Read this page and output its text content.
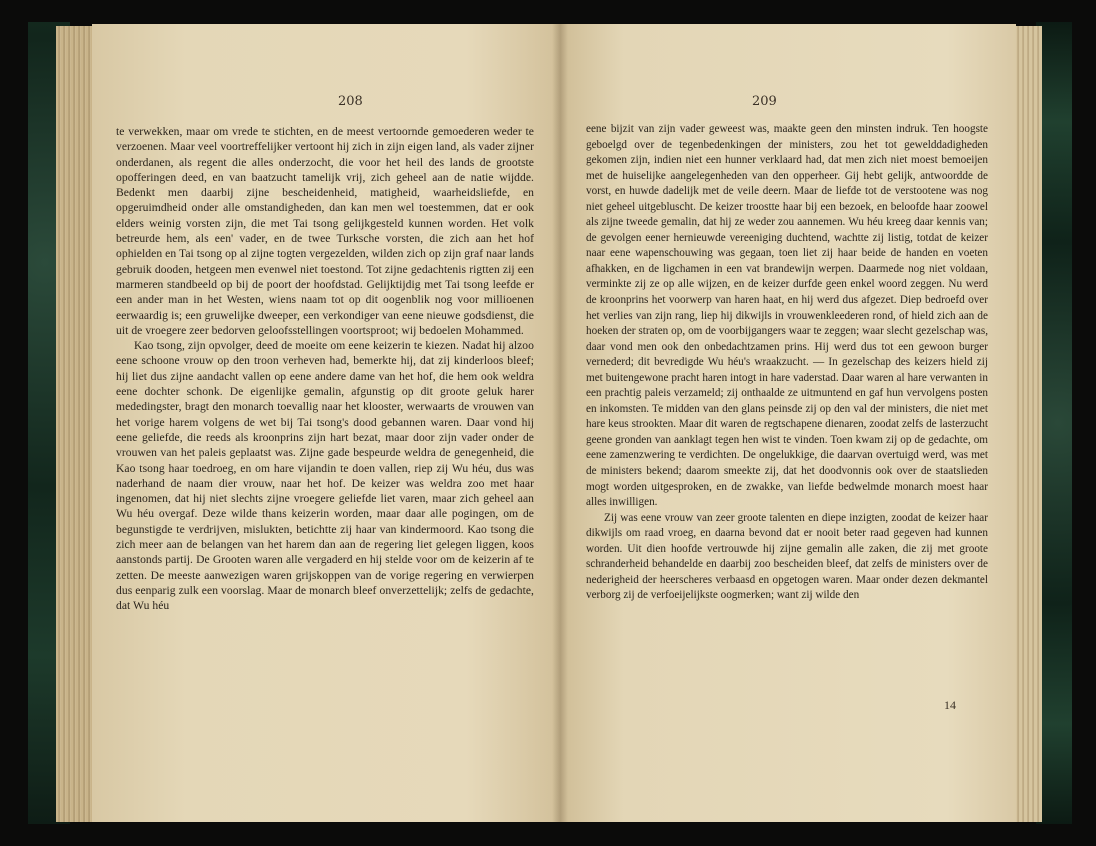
208	209

te verwekken, maar om vrede te stichten, en de meest vertoornde gemoederen weder te verzoenen. Maar veel voortreffelijker vertoont hij zich in zijn eigen land, als vader zijner onderdanen, als regent die alles onderzocht, die voor het heil des lands de grootste opofferingen deed, en van baatzucht tamelijk vrij, zich geheel aan de natie wijdde. Bedenkt men daarbij zijne bescheidenheid, matigheid, waarheidsliefde, en opgeruimdheid onder alle omstandigheden, dan kan men wel toestemmen, dat er ook elders weinig vorsten zijn, die met Tai tsong gelijkgesteld kunnen worden. Het volk betreurde hem, als een' vader, en de twee Turksche vorsten, die zich aan het hof ophielden en Tai tsong op al zijne togten vergezelden, wilden zich op zijn graf naar lands gebruik dooden, hetgeen men evenwel niet toestond. Tot zijne gedachtenis rigtten zij een marmeren standbeeld op bij de poort der hoofdstad. Gelijktijdig met Tai tsong leefde er een ander man in het Westen, wiens naam tot op dit oogenblik nog voor millioenen eerwaardig is; een gruwelijke dweeper, een verkondiger van eene nieuwe godsdienst, die uit de vroegere zeer bedorven geloofsstellingen voortsproot; wij bedoelen Mohammed.

Kao tsong, zijn opvolger, deed de moeite om eene keizerin te kiezen. Nadat hij alzoo eene schoone vrouw op den troon verheven had, bemerkte hij, dat zij kinderloos bleef; hij liet dus zijne aandacht vallen op eene andere dame van het hof, die hem ook weldra eene dochter schonk. De eigenlijke gemalin, afgunstig op dit groote geluk harer mededingster, bragt den monarch toevallig naar het klooster, werwaarts de vrouwen van het vorige harem volgens de wet bij Tai tsong's dood gebannen waren. Daar vond hij eene geliefde, die reeds als kroonprins zijn hart bezat, maar door zijn vader onder de vrouwen van het paleis geplaatst was. Zijne gade bespeurde weldra de genegenheid, die Kao tsong haar toedroeg, en om hare vijandin te doen vallen, riep zij Wu héu, dus was naderhand de naam dier vrouw, naar het hof. De keizer was weldra zoo met haar ingenomen, dat hij niet slechts zijne vroegere geliefde liet varen, maar zich geheel aan Wu héu overgaf. Deze wilde thans keizerin worden, maar daar alle pogingen, om de begunstigde te verdrijven, mislukten, betichtte zij haar van kindermoord. Kao tsong die zich meer aan de belangen van het harem dan aan de regering liet gelegen liggen, koos aanstonds partij. De Grooten waren alle vergaderd en hij stelde voor om de keizerin af te zetten. De meeste aanwezigen waren grijskoppen van de vorige regering en verwierpen dus eenparig zulk een voorslag. Maar de monarch bleef onverzettelijk; zelfs de gedachte, dat Wu héu

eene bijzit van zijn vader geweest was, maakte geen den minsten indruk. Ten hoogste geboelgd over de tegenbedenkingen der ministers, zou het tot gewelddadigheden gekomen zijn, indien niet een hunner verklaard had, dat men zich niet moest bemoeijen met de huiselijke aangelegenheden van den opperheer. Gij hebt gelijk, antwoordde de vorst, en huwde dadelijk met de veile deern. Maar de liefde tot de verstootene was nog niet geheel uitgebluscht. De keizer troostte haar bij een bezoek, en beloofde haar zoowel als zijne tweede gemalin, dat hij ze weder zou aannemen. Wu héu kreeg daar kennis van; de gevolgen eener hernieuwde vereeniging duchtend, wachtte zij listig, totdat de keizer naar eene wapenschouwing was gegaan, toen liet zij haar beide de handen en voeten afhakken, en de ligchamen in een vat brandewijn werpen. Daarmede nog niet voldaan, verminkte zij ze op alle wijzen, en de keizer durfde geen enkel woord zeggen. Nu werd de kroonprins het voorwerp van haren haat, en hij werd dus afgezet. Diep bedroefd over het verlies van zijn rang, liep hij dikwijls in vrouwenkleederen rond, of hield zich aan de hoeken der straten op, om de voorbijgangers waar te zeggen; waar slecht gezelschap was, daar vond men ook den onbedachtzamen prins. Hij werd dus tot een gewoon burger vernederd; dit bevredigde Wu héu's wraakzucht. — In gezelschap des keizers hield zij met buitengewone pracht haren intogt in hare vaderstad. Daar waren al hare verwanten in een prachtig paleis verzameld; zij onthaalde ze uitmuntend en gaf hun vervolgens posten en inkomsten. Te midden van den glans peinsde zij op den val der ministers, die niet met hare keus strookten. Maar dit waren de regtschapene dienaren, zoodat zelfs de lasterzucht geene gronden van aanklagt tegen hen wist te vinden. Toen kwam zij op de gedachte, om eene zamenzwering te verdichten. De ongelukkige, die daarvan overtuigd werd, was met de ministers bekend; daarom smeekte zij, dat het doodvonnis ook over de staatslieden mogt worden uitgesproken, en de zwakke, van liefde bedwelmde monarch moest haar alles inwilligen.

Zij was eene vrouw van zeer groote talenten en diepe inzigten, zoodat de keizer haar dikwijls om raad vroeg, en daarna bevond dat er nooit beter raad gegeven had kunnen worden. Uit dien hoofde vertrouwde hij zijne gemalin alle zaken, die zij met groote schranderheid behandelde en daarbij zoo bescheiden bleef, dat zelfs de ministers over de nederigheid der heerscheres verbaasd en opgetogen waren. Maar onder dezen dekmantel verborg zij de verfoeijelijkste oogmerken; want zij wilde den

14
